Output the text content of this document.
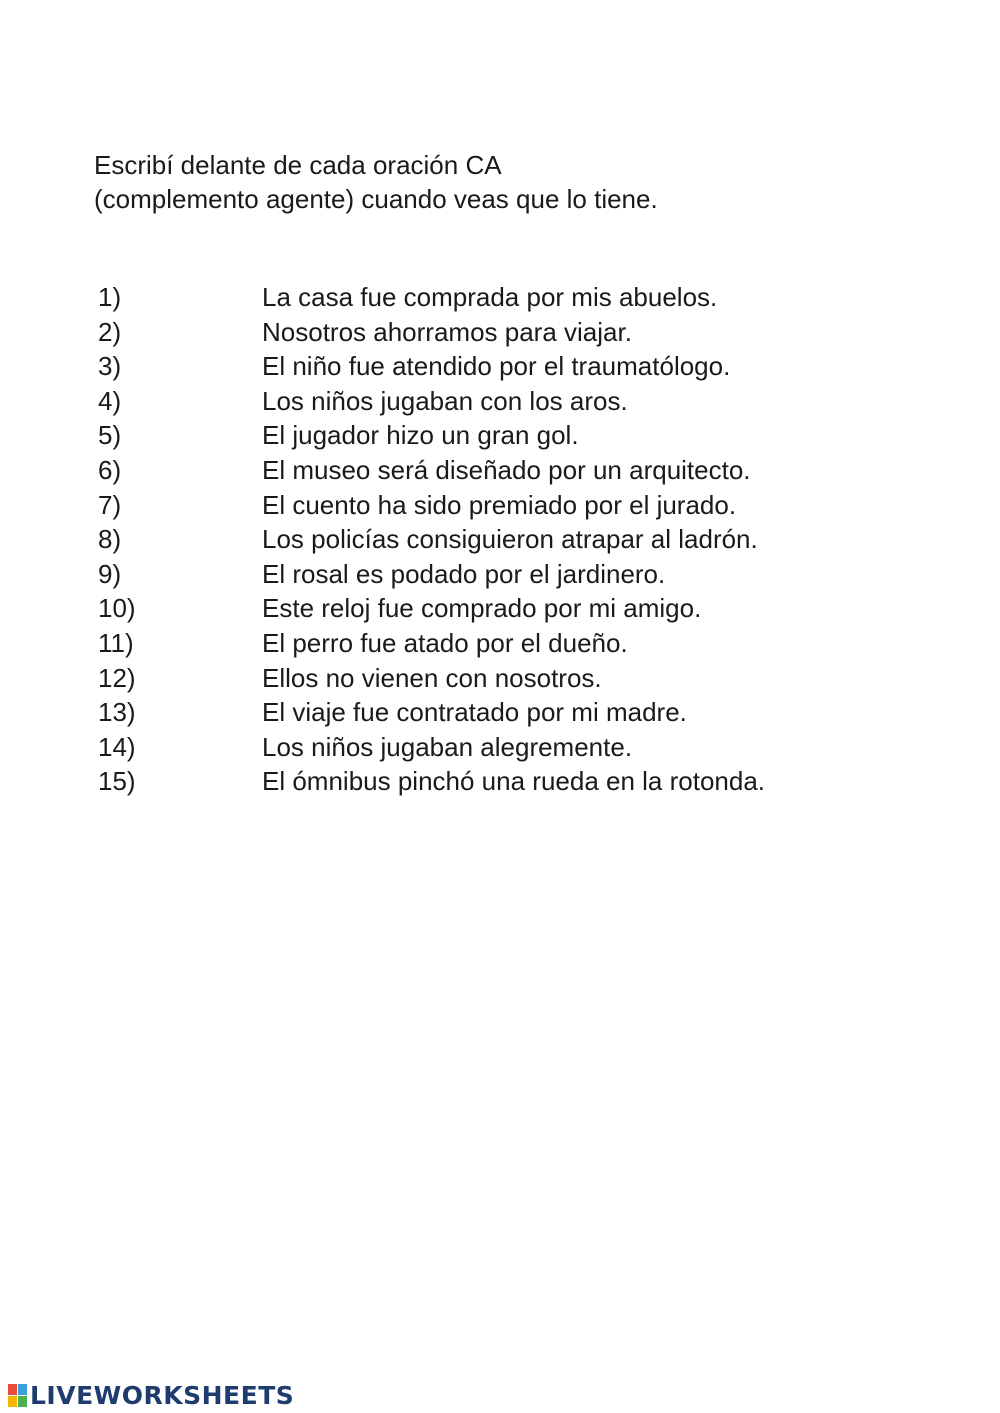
Escribí delante de cada oración CA
(complemento agente) cuando veas que lo tiene.
1)	La casa fue comprada por mis abuelos.
2)	Nosotros ahorramos para viajar.
3)	El niño fue atendido por el traumatólogo.
4)	Los niños jugaban con los aros.
5)	El jugador hizo un gran gol.
6)	El museo será diseñado por un arquitecto.
7)	El cuento ha sido premiado por el jurado.
8)	Los policías consiguieron atrapar al ladrón.
9)	El rosal es podado por el jardinero.
10)	Este reloj fue comprado por mi amigo.
11)	El perro fue atado por el dueño.
12)	Ellos no vienen con nosotros.
13)	El viaje fue contratado por mi madre.
14)	Los niños jugaban alegremente.
15)	El ómnibus pinchó una rueda en la rotonda.
LIVEWORKSHEETS
